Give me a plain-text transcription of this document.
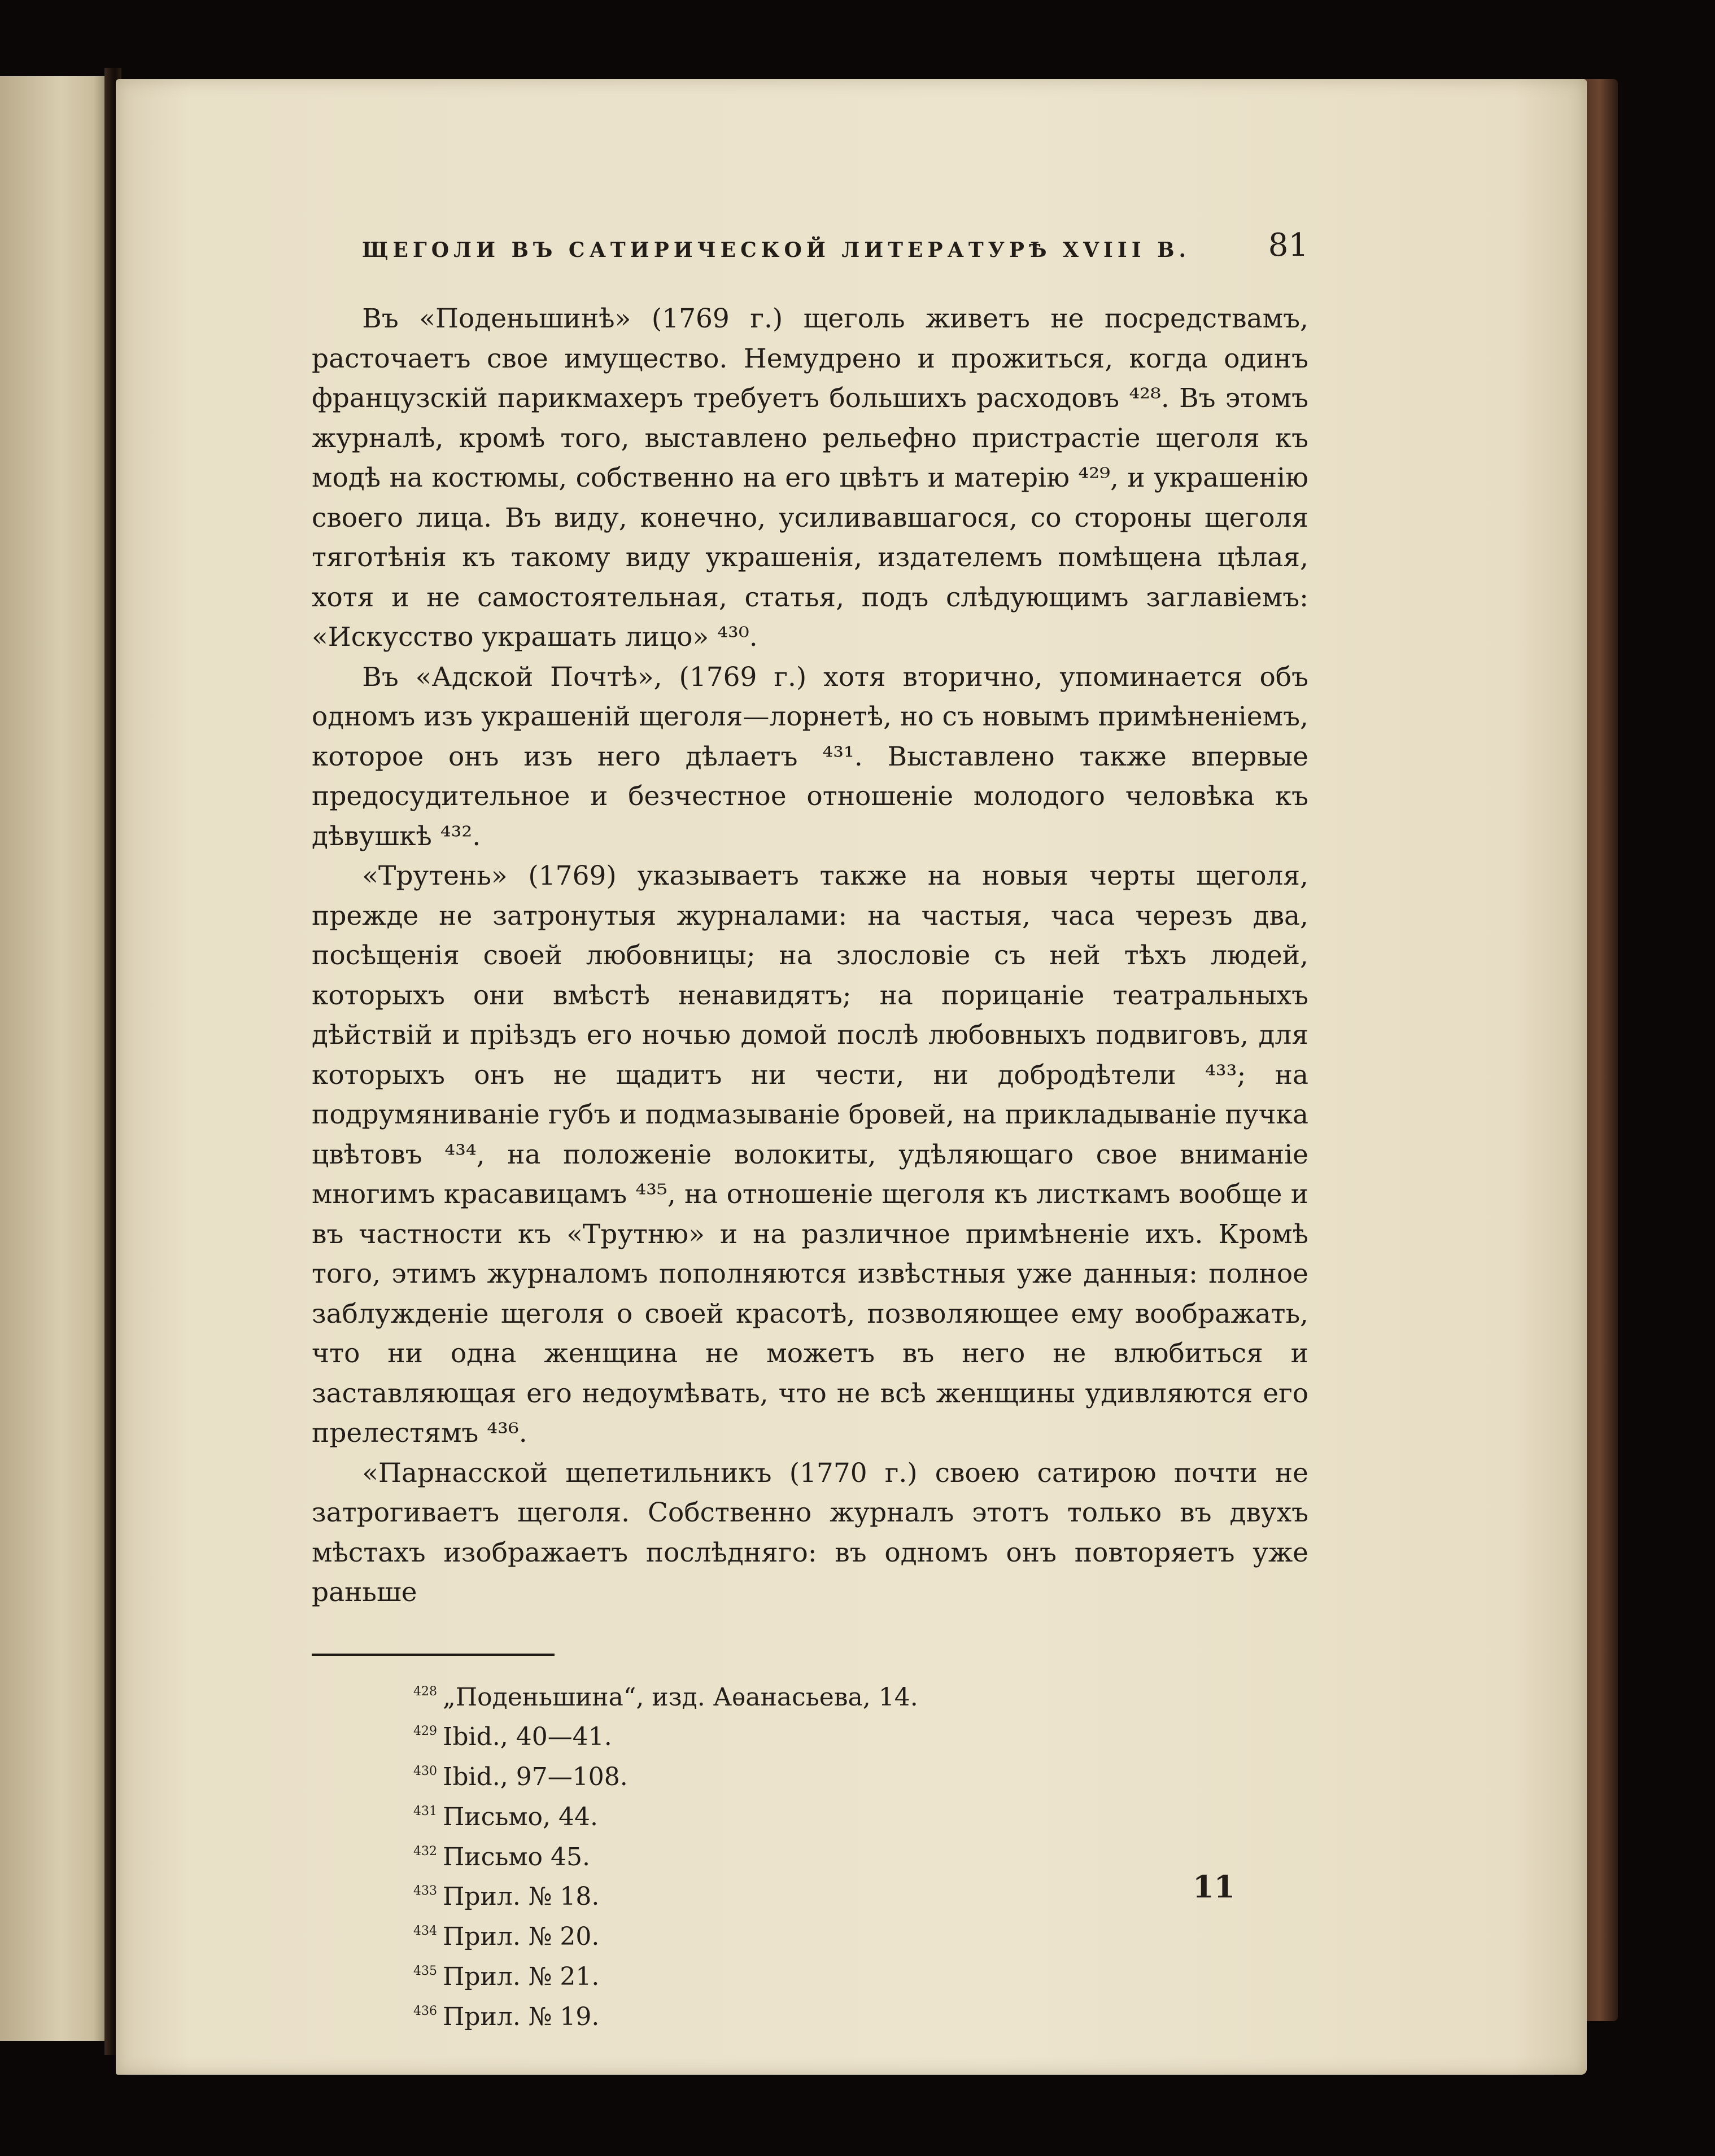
ЩЕГОЛИ ВЪ САТИРИЧЕСКОЙ ЛИТЕРАТУРѢ XVIII В.	81

Въ «Поденьшинѣ» (1769 г.) щеголь живетъ не посредствамъ, расточаетъ свое имущество. Немудрено и прожиться, когда одинъ французскій парикмахеръ требуетъ большихъ расходовъ ⁴²⁸. Въ этомъ журналѣ, кромѣ того, выставлено рельефно пристрастіе щеголя къ модѣ на костюмы, собственно на его цвѣтъ и матерію ⁴²⁹, и украшенію своего лица. Въ виду, конечно, усиливавшагося, со стороны щеголя тяготѣнія къ такому виду украшенія, издателемъ помѣщена цѣлая, хотя и не самостоятельная, статья, подъ слѣдующимъ заглавіемъ: «Искусство украшать лицо» ⁴³⁰.

Въ «Адской Почтѣ», (1769 г.) хотя вторично, упоминается объ одномъ изъ украшеній щеголя—лорнетѣ, но съ новымъ примѣненіемъ, которое онъ изъ него дѣлаетъ ⁴³¹. Выставлено также впервые предосудительное и безчестное отношеніе молодого человѣка къ дѣвушкѣ ⁴³².

«Трутень» (1769) указываетъ также на новыя черты щеголя, прежде не затронутыя журналами: на частыя, часа черезъ два, посѣщенія своей любовницы; на злословіе съ ней тѣхъ людей, которыхъ они вмѣстѣ ненавидятъ; на порицаніе театральныхъ дѣйствій и пріѣздъ его ночью домой послѣ любовныхъ подвиговъ, для которыхъ онъ не щадитъ ни чести, ни добродѣтели ⁴³³; на подрумяниваніе губъ и подмазываніе бровей, на прикладываніе пучка цвѣтовъ ⁴³⁴, на положеніе волокиты, удѣляющаго свое вниманіе многимъ красавицамъ ⁴³⁵, на отношеніе щеголя къ листкамъ вообще и въ частности къ «Трутню» и на различное примѣненіе ихъ. Кромѣ того, этимъ журналомъ пополняются извѣстныя уже данныя: полное заблужденіе щеголя о своей красотѣ, позволяющее ему воображать, что ни одна женщина не можетъ въ него не влюбиться и заставляющая его недоумѣвать, что не всѣ женщины удивляются его прелестямъ ⁴³⁶.

«Парнасской щепетильникъ (1770 г.) своею сатирою почти не затрогиваетъ щеголя. Собственно журналъ этотъ только въ двухъ мѣстахъ изображаетъ послѣдняго: въ одномъ онъ повторяетъ уже раньше

$^{428}$ „Поденьшина“, изд. Аѳанасьева, 14.
$^{429}$ Ibid., 40—41.
$^{430}$ Ibid., 97—108.
$^{431}$ Письмо, 44.
$^{432}$ Письмо 45.
$^{433}$ Прил. № 18.
$^{434}$ Прил. № 20.
$^{435}$ Прил. № 21.
$^{436}$ Прил. № 19.
11
